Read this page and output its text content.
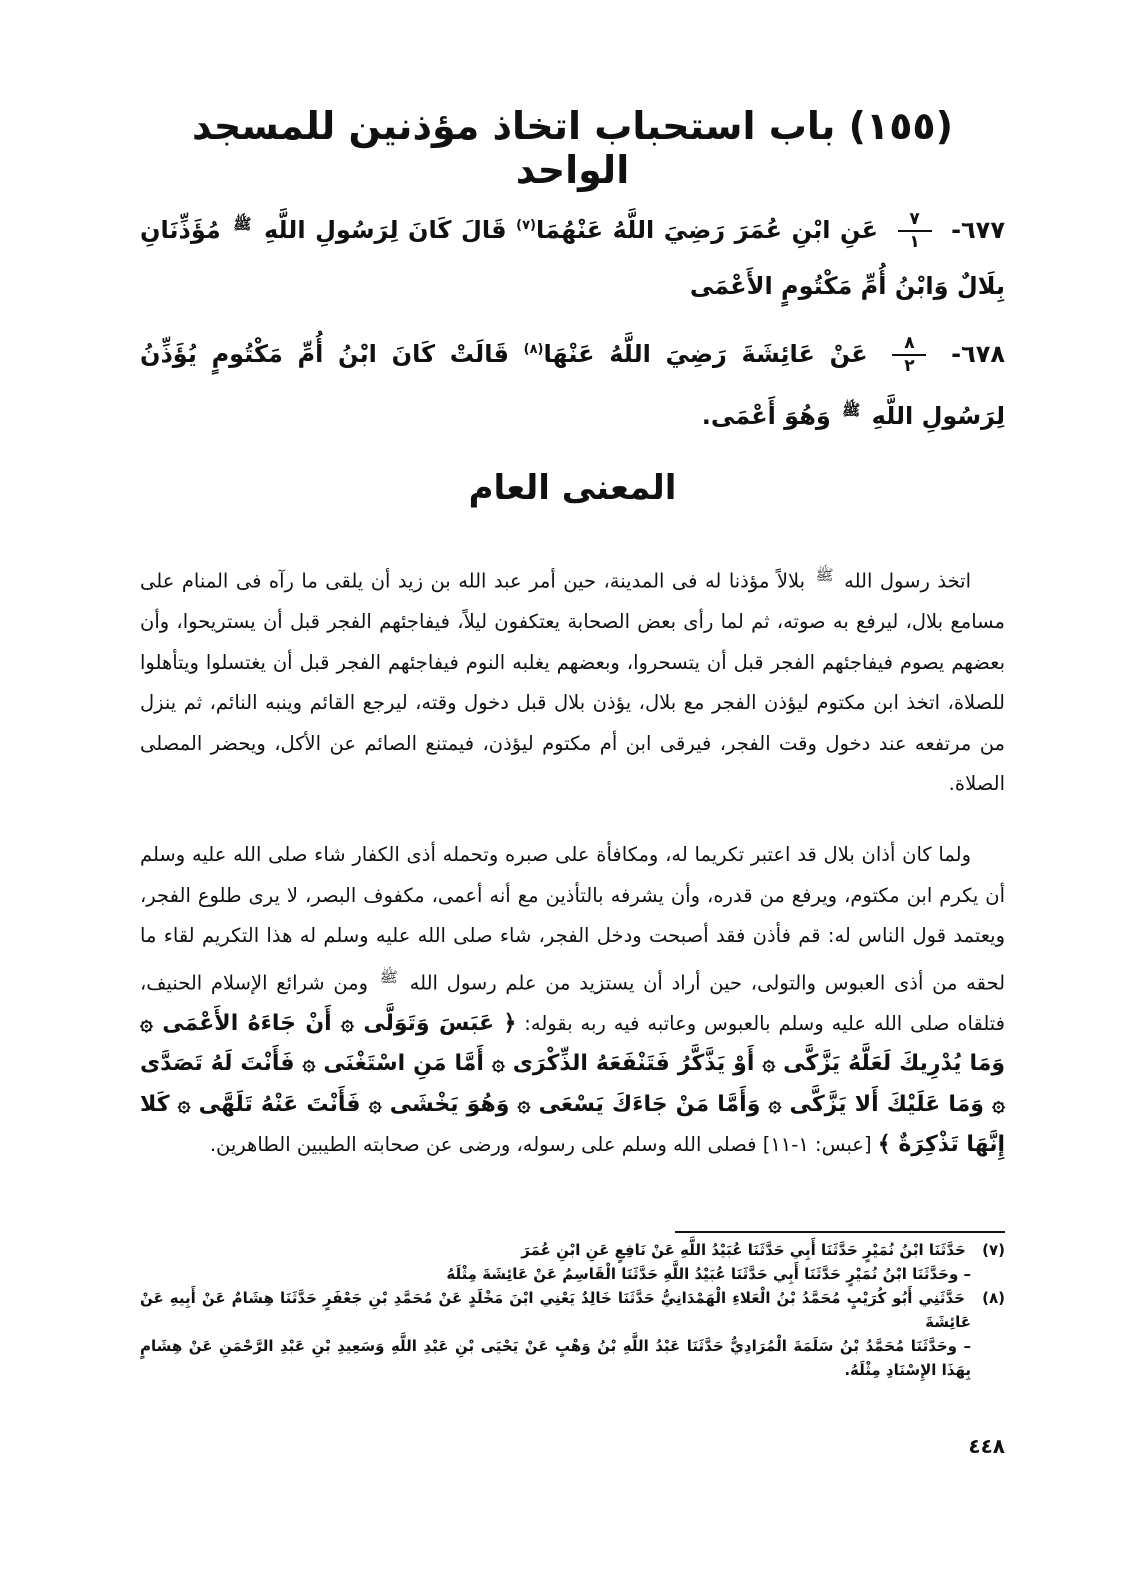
(١٥٥) باب استحباب اتخاذ مؤذنين للمسجد الواحد

٦٧٧-
$\frac{٧}{١}$
عَنِ ابْنِ عُمَرَ رَضِيَ اللَّهُ عَنْهُمَا$^{(٧)}$ قَالَ كَانَ لِرَسُولِ اللَّهِ $^ﷺ$ مُؤَذِّنَانِ بِلَالٌ وَابْنُ أُمِّ مَكْتُومٍ الأَعْمَى

٦٧٨-
$\frac{٨}{٢}$
عَنْ عَائِشَةَ رَضِيَ اللَّهُ عَنْهَا$^{(٨)}$ قَالَتْ كَانَ ابْنُ أُمِّ مَكْتُومٍ يُؤَذِّنُ لِرَسُولِ اللَّهِ $^ﷺ$ وَهُوَ أَعْمَى.

المعنى العام

اتخذ رسول الله $^ﷺ$ بلالاً مؤذنا له فى المدينة، حين أمر عبد الله بن زيد أن يلقى ما رآه فى المنام على مسامع بلال، ليرفع به صوته، ثم لما رأى بعض الصحابة يعتكفون ليلاً، فيفاجئهم الفجر قبل أن يستريحوا، وأن بعضهم يصوم فيفاجئهم الفجر قبل أن يتسحروا، وبعضهم يغلبه النوم فيفاجئهم الفجر قبل أن يغتسلوا ويتأهلوا للصلاة، اتخذ ابن مكتوم ليؤذن الفجر مع بلال، يؤذن بلال قبل دخول وقته، ليرجع القائم وينبه النائم، ثم ينزل من مرتفعه عند دخول وقت الفجر، فيرقى ابن أم مكتوم ليؤذن، فيمتنع الصائم عن الأكل، ويحضر المصلى الصلاة.

ولما كان أذان بلال قد اعتبر تكريما له، ومكافأة على صبره وتحمله أذى الكفار شاء صلى الله عليه وسلم أن يكرم ابن مكتوم، ويرفع من قدره، وأن يشرفه بالتأذين مع أنه أعمى، مكفوف البصر، لا يرى طلوع الفجر، ويعتمد قول الناس له: قم فأذن فقد أصبحت ودخل الفجر، شاء صلى الله عليه وسلم له هذا التكريم لقاء ما لحقه من أذى العبوس والتولى، حين أراد أن يستزيد من علم رسول الله $^ﷺ$ ومن شرائع الإسلام الحنيف، فتلقاه صلى الله عليه وسلم بالعبوس وعاتبه فيه ربه بقوله: ﴿ عَبَسَ وَتَوَلَّى ۞ أَنْ جَاءَهُ الأَعْمَى ۞ وَمَا يُدْرِيكَ لَعَلَّهُ يَزَّكَّى ۞ أَوْ يَذَّكَّرُ فَتَنْفَعَهُ الذِّكْرَى ۞ أَمَّا مَنِ اسْتَغْنَى ۞ فَأَنْتَ لَهُ تَصَدَّى ۞ وَمَا عَلَيْكَ أَلا يَزَّكَّى ۞ وَأَمَّا مَنْ جَاءَكَ يَسْعَى ۞ وَهُوَ يَخْشَى ۞ فَأَنْتَ عَنْهُ تَلَهَّى ۞ كَلا إِنَّهَا تَذْكِرَةٌ ﴾ [عبس: ١-١١] فصلى الله وسلم على رسوله، ورضى عن صحابته الطيبين الطاهرين.

(٧) حَدَّثَنَا ابْنُ نُمَيْرٍ حَدَّثَنَا أَبِي حَدَّثَنَا عُبَيْدُ اللَّهِ عَنْ نَافِعٍ عَنِ ابْنِ عُمَرَ

– وحَدَّثَنَا ابْنُ نُمَيْرٍ حَدَّثَنَا أَبِي حَدَّثَنَا عُبَيْدُ اللَّهِ حَدَّثَنَا الْقَاسِمُ عَنْ عَائِشَةَ مِثْلَهُ

(٨) حَدَّثَنِي أَبُو كُرَيْبٍ مُحَمَّدُ بْنُ الْعَلاءِ الْهَمْدَانِيُّ حَدَّثَنَا خَالِدٌ يَعْنِي ابْنَ مَخْلَدٍ عَنْ مُحَمَّدِ بْنِ جَعْفَرٍ حَدَّثَنَا هِشَامٌ عَنْ أَبِيهِ عَنْ عَائِشَةَ

– وحَدَّثَنَا مُحَمَّدُ بْنُ سَلَمَةَ الْمُرَادِيُّ حَدَّثَنَا عَبْدُ اللَّهِ بْنُ وَهْبٍ عَنْ يَحْيَى بْنِ عَبْدِ اللَّهِ وَسَعِيدِ بْنِ عَبْدِ الرَّحْمَنِ عَنْ هِشَامٍ بِهَذَا الإِسْنَادِ مِثْلَهُ.

٤٤٨
